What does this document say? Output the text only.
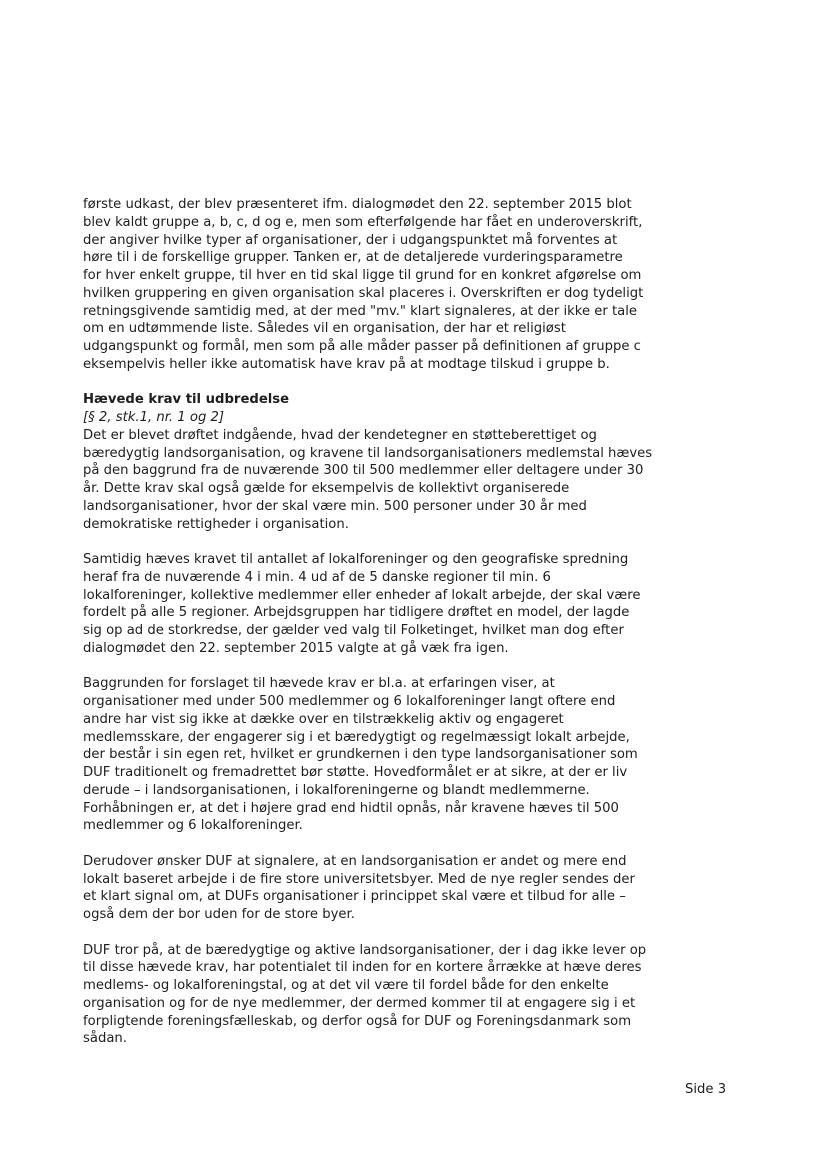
første udkast, der blev præsenteret ifm. dialogmødet den 22. september 2015 blot
blev kaldt gruppe a, b, c, d og e, men som efterfølgende har fået en underoverskrift,
der angiver hvilke typer af organisationer, der i udgangspunktet må forventes at
høre til i de forskellige grupper. Tanken er, at de detaljerede vurderingsparametre
for hver enkelt gruppe, til hver en tid skal ligge til grund for en konkret afgørelse om
hvilken gruppering en given organisation skal placeres i. Overskriften er dog tydeligt
retningsgivende samtidig med, at der med "mv." klart signaleres, at der ikke er tale
om en udtømmende liste. Således vil en organisation, der har et religiøst
udgangspunkt og formål, men som på alle måder passer på definitionen af gruppe c
eksempelvis heller ikke automatisk have krav på at modtage tilskud i gruppe b.
Hævede krav til udbredelse
[§ 2, stk.1, nr. 1 og 2]
Det er blevet drøftet indgående, hvad der kendetegner en støtteberettiget og
bæredygtig landsorganisation, og kravene til landsorganisationers medlemstal hæves
på den baggrund fra de nuværende 300 til 500 medlemmer eller deltagere under 30
år. Dette krav skal også gælde for eksempelvis de kollektivt organiserede
landsorganisationer, hvor der skal være min. 500 personer under 30 år med
demokratiske rettigheder i organisation.
Samtidig hæves kravet til antallet af lokalforeninger og den geografiske spredning
heraf fra de nuværende 4 i min. 4 ud af de 5 danske regioner til min. 6
lokalforeninger, kollektive medlemmer eller enheder af lokalt arbejde, der skal være
fordelt på alle 5 regioner. Arbejdsgruppen har tidligere drøftet en model, der lagde
sig op ad de storkredse, der gælder ved valg til Folketinget, hvilket man dog efter
dialogmødet den 22. september 2015 valgte at gå væk fra igen.
Baggrunden for forslaget til hævede krav er bl.a. at erfaringen viser, at
organisationer med under 500 medlemmer og 6 lokalforeninger langt oftere end
andre har vist sig ikke at dække over en tilstrækkelig aktiv og engageret
medlemsskare, der engagerer sig i et bæredygtigt og regelmæssigt lokalt arbejde,
der består i sin egen ret, hvilket er grundkernen i den type landsorganisationer som
DUF traditionelt og fremadrettet bør støtte. Hovedformålet er at sikre, at der er liv
derude – i landsorganisationen, i lokalforeningerne og blandt medlemmerne.
Forhåbningen er, at det i højere grad end hidtil opnås, når kravene hæves til 500
medlemmer og 6 lokalforeninger.
Derudover ønsker DUF at signalere, at en landsorganisation er andet og mere end
lokalt baseret arbejde i de fire store universitetsbyer. Med de nye regler sendes der
et klart signal om, at DUFs organisationer i princippet skal være et tilbud for alle –
også dem der bor uden for de store byer.
DUF tror på, at de bæredygtige og aktive landsorganisationer, der i dag ikke lever op
til disse hævede krav, har potentialet til inden for en kortere årrække at hæve deres
medlems- og lokalforeningstal, og at det vil være til fordel både for den enkelte
organisation og for de nye medlemmer, der dermed kommer til at engagere sig i et
forpligtende foreningsfælleskab, og derfor også for DUF og Foreningsdanmark som
sådan.
Side 3
